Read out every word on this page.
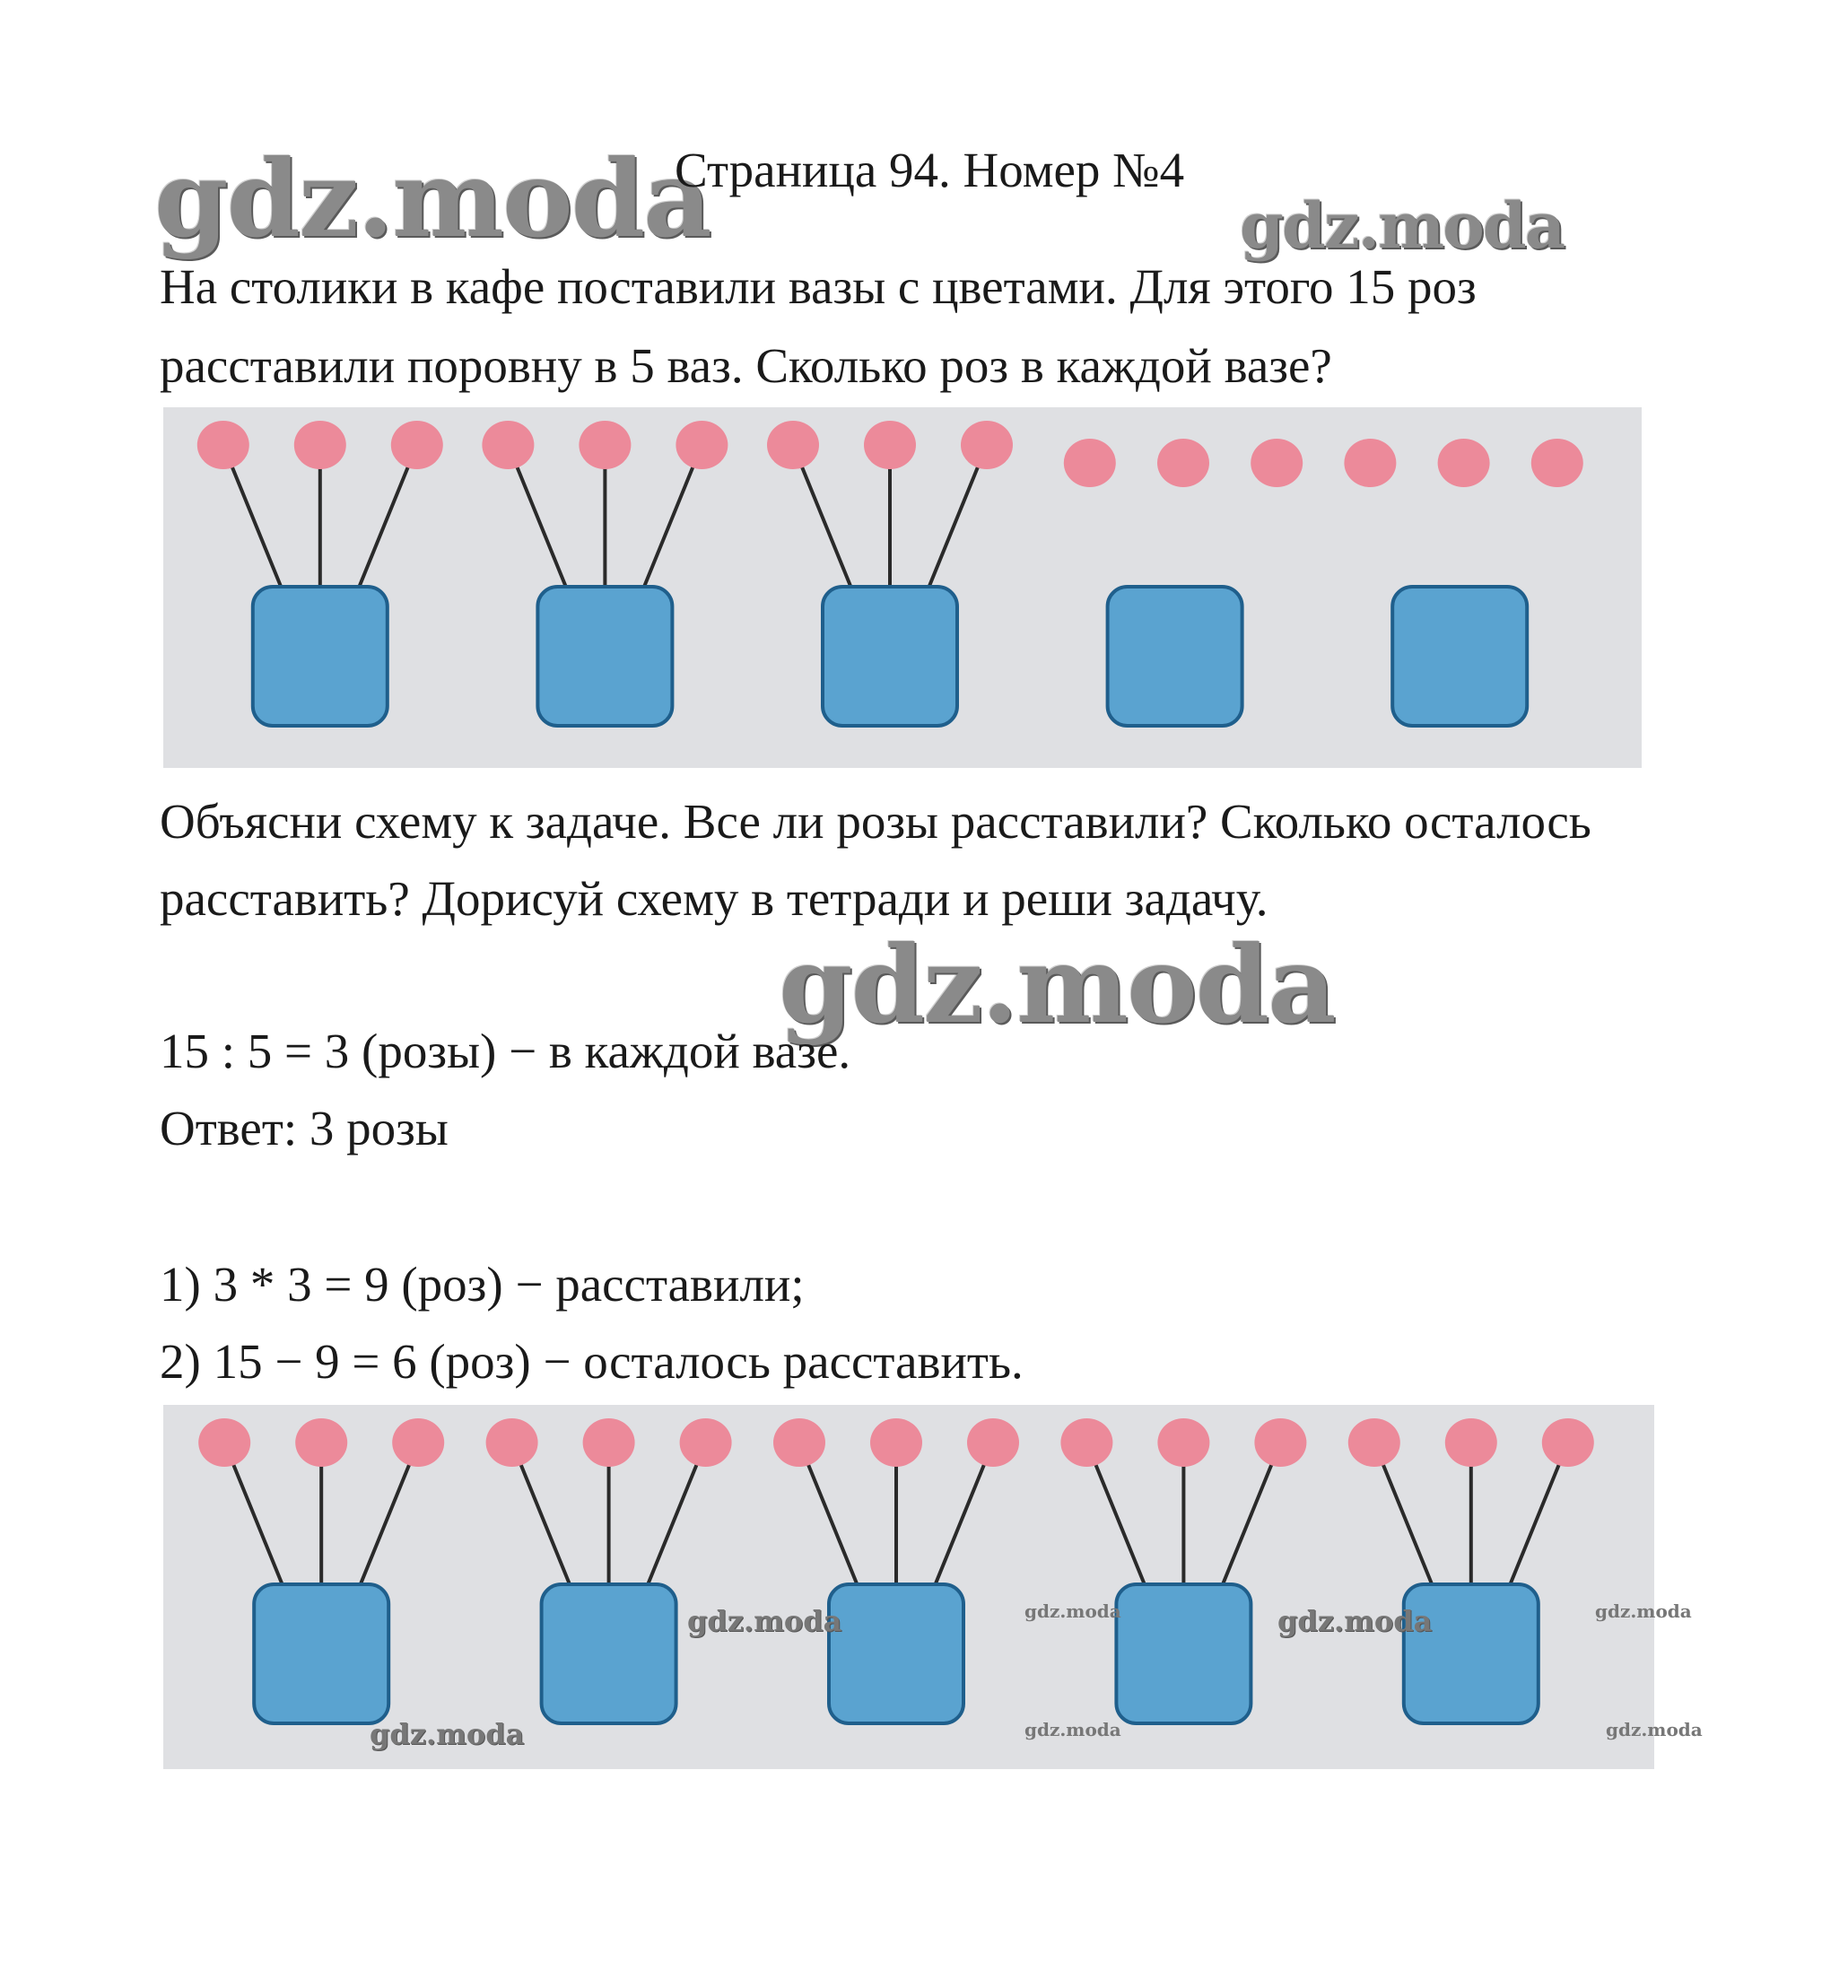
gdz.moda	gdz.moda
gdz.moda
Страница 94. Номер №4
На столики в кафе поставили вазы с цветами. Для этого 15 роз
расставили поровну в 5 ваз. Сколько роз в каждой вазе?
Объясни схему к задаче. Все ли розы расставили? Сколько осталось
расставить? Дорисуй схему в тетради и реши задачу.
15 : 5 = 3 (розы) − в каждой вазе.
Ответ: 3 розы
1) 3 * 3 = 9 (роз) − расставили;
2) 15 − 9 = 6 (роз) − осталось расставить.
gdz.moda	gdz.moda
gdz.moda
gdz.moda	gdz.moda
gdz.moda	gdz.moda
